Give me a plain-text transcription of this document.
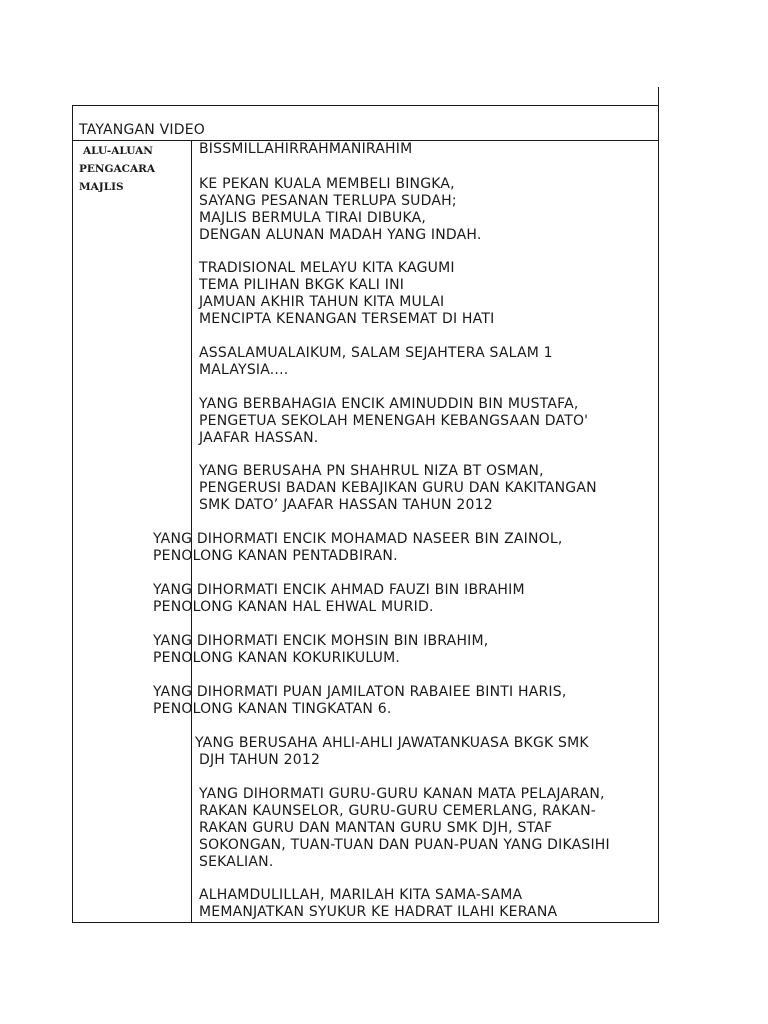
TAYANGAN VIDEO
ALU-ALUAN
PENGACARA
MAJLIS
BISSMILLAHIRRAHMANIRAHIM
KE PEKAN KUALA MEMBELI BINGKA,
SAYANG PESANAN TERLUPA SUDAH;
MAJLIS BERMULA TIRAI DIBUKA,
DENGAN ALUNAN MADAH YANG INDAH.
TRADISIONAL MELAYU KITA KAGUMI
TEMA PILIHAN BKGK KALI INI
JAMUAN AKHIR TAHUN KITA MULAI
MENCIPTA KENANGAN TERSEMAT DI HATI
ASSALAMUALAIKUM, SALAM SEJAHTERA SALAM 1
MALAYSIA....
YANG BERBAHAGIA ENCIK AMINUDDIN BIN MUSTAFA,
PENGETUA SEKOLAH MENENGAH KEBANGSAAN DATO'
JAAFAR HASSAN.
YANG BERUSAHA PN SHAHRUL NIZA BT OSMAN,
PENGERUSI BADAN KEBAJIKAN GURU DAN KAKITANGAN
SMK DATO’ JAAFAR HASSAN TAHUN 2012
YANG DIHORMATI ENCIK MOHAMAD NASEER BIN ZAINOL,
PENOLONG KANAN PENTADBIRAN.
YANG DIHORMATI ENCIK AHMAD FAUZI BIN IBRAHIM
PENOLONG KANAN HAL EHWAL MURID.
YANG DIHORMATI ENCIK MOHSIN BIN IBRAHIM,
PENOLONG KANAN KOKURIKULUM.
YANG DIHORMATI PUAN JAMILATON RABAIEE BINTI HARIS,
PENOLONG KANAN TINGKATAN 6.
YANG BERUSAHA AHLI-AHLI JAWATANKUASA BKGK SMK
DJH TAHUN 2012
YANG DIHORMATI GURU-GURU KANAN MATA PELAJARAN,
RAKAN KAUNSELOR, GURU-GURU CEMERLANG, RAKAN-
RAKAN GURU DAN MANTAN GURU SMK DJH, STAF
SOKONGAN, TUAN-TUAN DAN PUAN-PUAN YANG DIKASIHI
SEKALIAN.
ALHAMDULILLAH, MARILAH KITA SAMA-SAMA
MEMANJATKAN SYUKUR KE HADRAT ILAHI KERANA
